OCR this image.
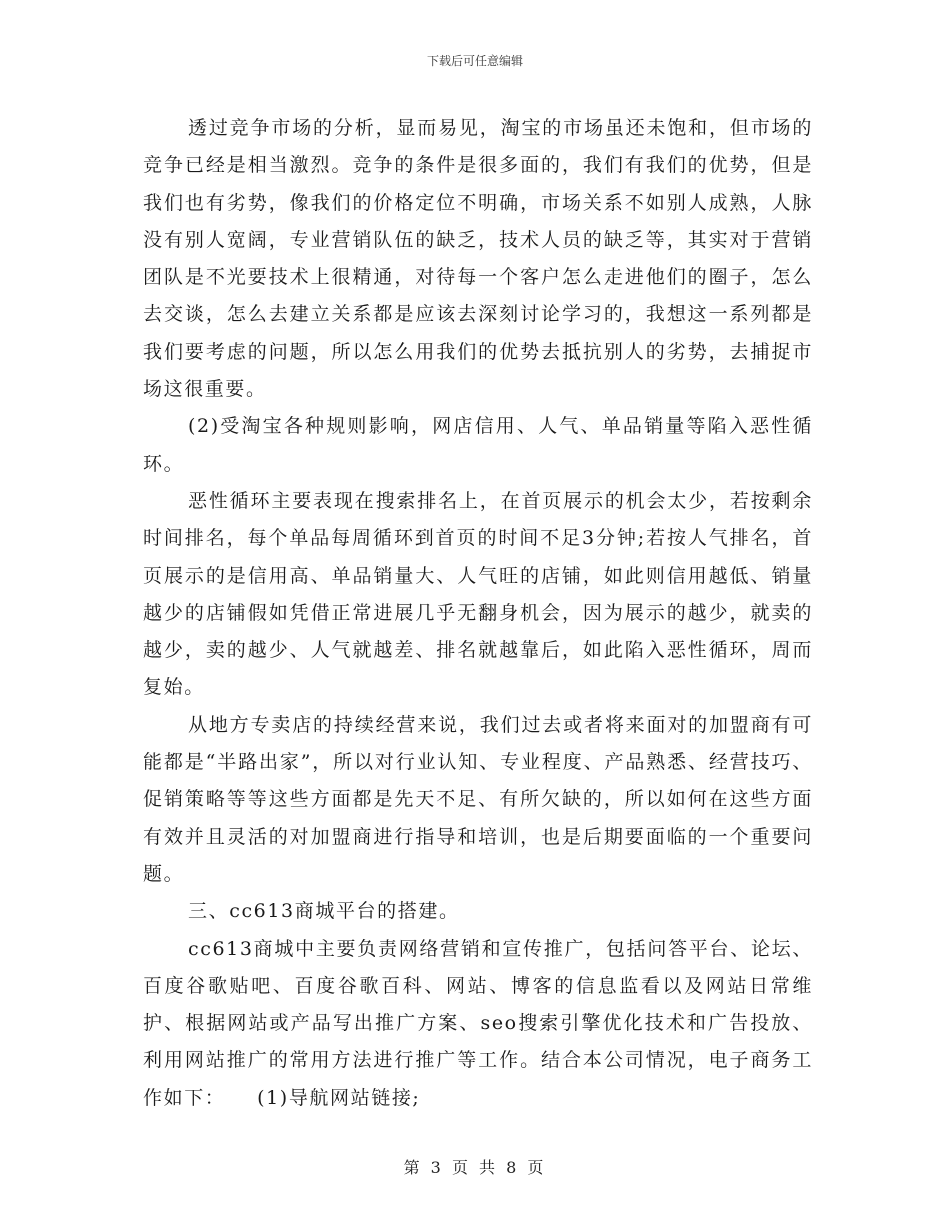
下载后可任意编辑

透过竞争市场的分析，显而易见，淘宝的市场虽还未饱和，但市场的竞争已经是相当激烈。竞争的条件是很多面的，我们有我们的优势，但是我们也有劣势，像我们的价格定位不明确，市场关系不如别人成熟，人脉没有别人宽阔，专业营销队伍的缺乏，技术人员的缺乏等，其实对于营销团队是不光要技术上很精通，对待每一个客户怎么走进他们的圈子，怎么去交谈，怎么去建立关系都是应该去深刻讨论学习的，我想这一系列都是我们要考虑的问题，所以怎么用我们的优势去抵抗别人的劣势，去捕捉市场这很重要。

(2)受淘宝各种规则影响，网店信用、人气、单品销量等陷入恶性循环。

恶性循环主要表现在搜索排名上，在首页展示的机会太少，若按剩余时间排名，每个单品每周循环到首页的时间不足3分钟;若按人气排名，首页展示的是信用高、单品销量大、人气旺的店铺，如此则信用越低、销量越少的店铺假如凭借正常进展几乎无翻身机会，因为展示的越少，就卖的越少，卖的越少、人气就越差、排名就越靠后，如此陷入恶性循环，周而复始。

从地方专卖店的持续经营来说，我们过去或者将来面对的加盟商有可能都是“半路出家”，所以对行业认知、专业程度、产品熟悉、经营技巧、促销策略等等这些方面都是先天不足、有所欠缺的，所以如何在这些方面有效并且灵活的对加盟商进行指导和培训，也是后期要面临的一个重要问题。

三、cc613商城平台的搭建。

cc613商城中主要负责网络营销和宣传推广，包括问答平台、论坛、百度谷歌贴吧、百度谷歌百科、网站、博客的信息监看以及网站日常维护、根据网站或产品写出推广方案、seo搜索引擎优化技术和广告投放、利用网站推广的常用方法进行推广等工作。结合本公司情况，电子商务工作如下：　　(1)导航网站链接;

第 3 页 共 8 页
